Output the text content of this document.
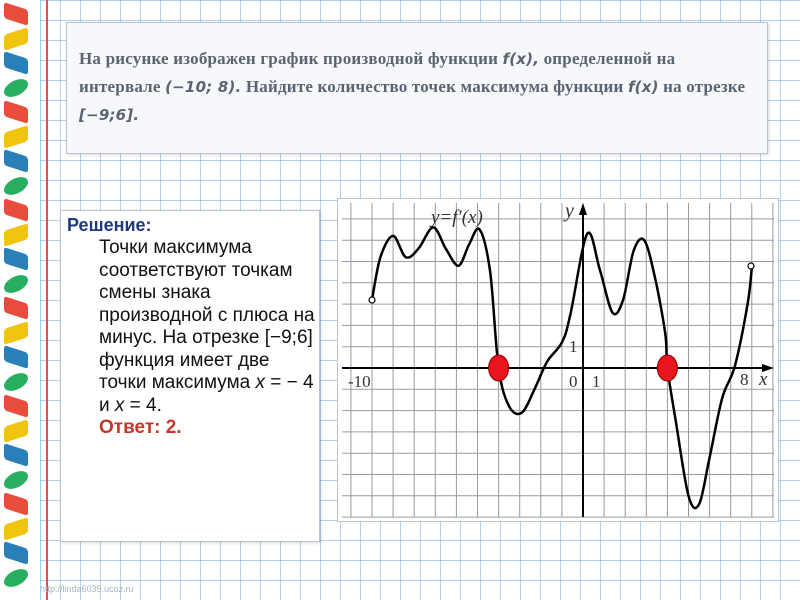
На рисунке изображен график производной функции f(x), определенной на интервале (−10; 8). Найдите количество точек максимума функции f(x) на отрезке [−9;6].
Решение:
Точки максимума соответствуют точкам смены знака производной с плюса на минус. На отрезке [−9;6] функция имеет две точки максимума x = − 4 и x = 4.
Ответ: 2.
y=f′(x)	y
x
-10	0 1	8
1
http://linda6035.ucoz.ru
